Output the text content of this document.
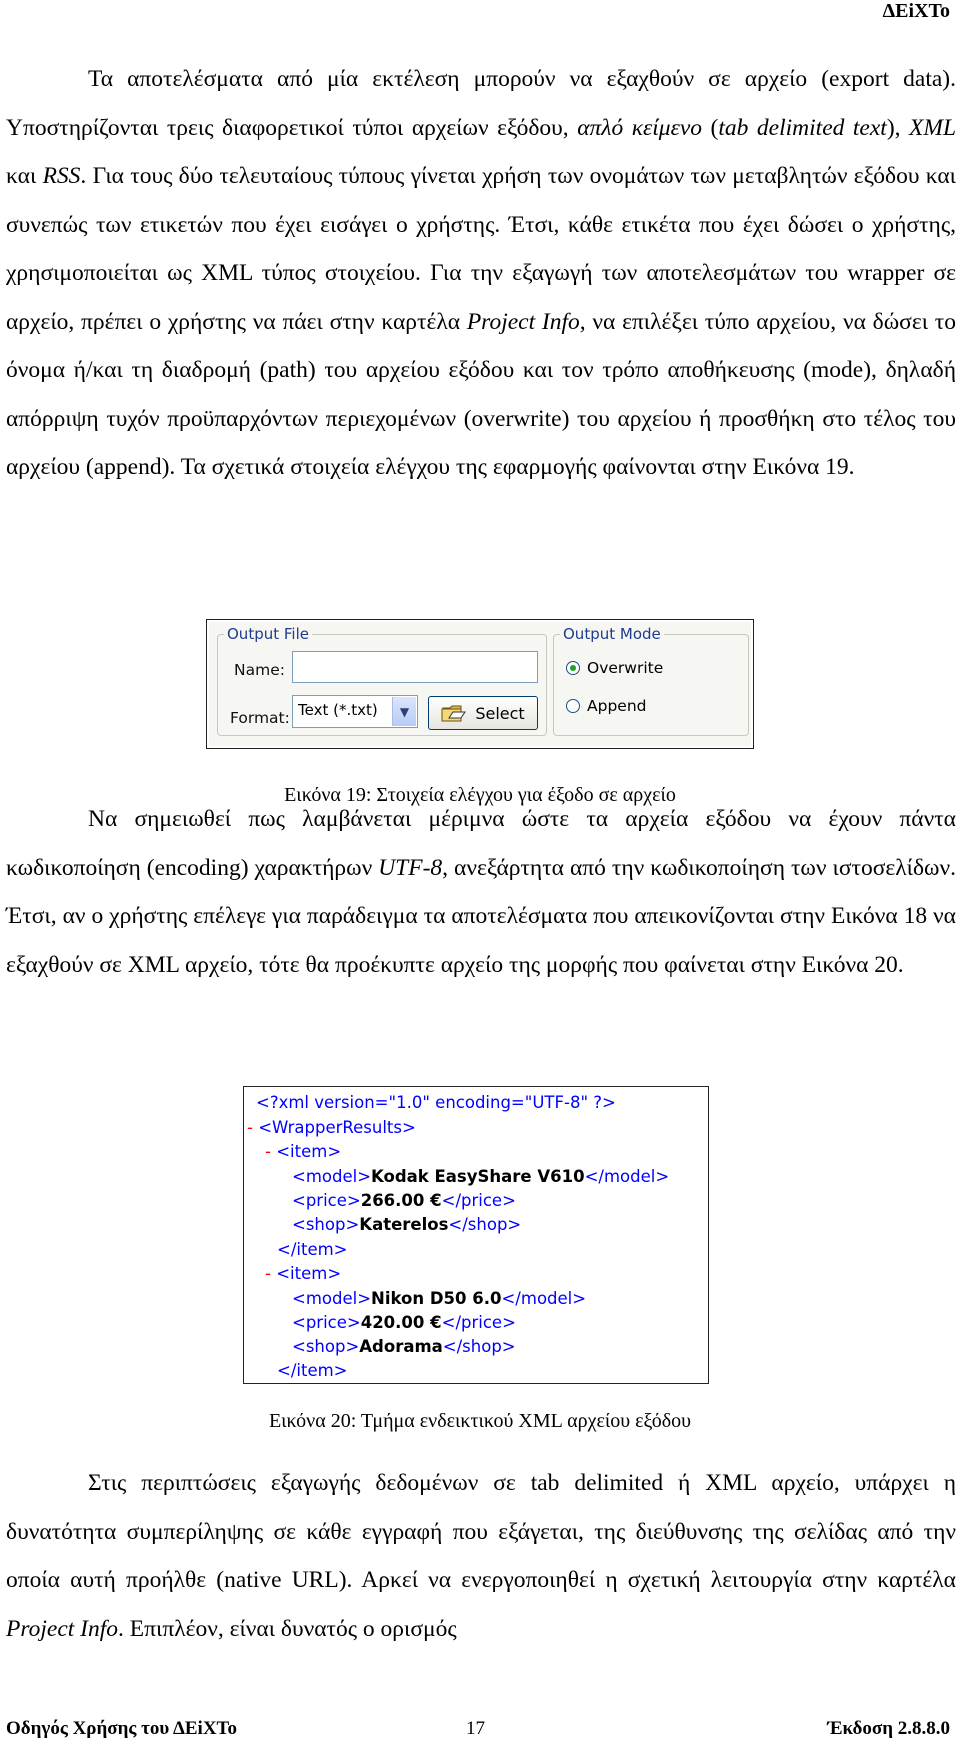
ΔΕiXTo

Τα αποτελέσματα από μία εκτέλεση μπορούν να εξαχθούν σε αρχείο (export data). Υποστηρίζονται τρεις διαφορετικοί τύποι αρχείων εξόδου, απλό κείμενο (tab delimited text), XML και RSS. Για τους δύο τελευταίους τύπους γίνεται χρήση των ονομάτων των μεταβλητών εξόδου και συνεπώς των ετικετών που έχει εισάγει ο χρήστης. Έτσι, κάθε ετικέτα που έχει δώσει ο χρήστης, χρησιμοποιείται ως XML τύπος στοιχείου. Για την εξαγωγή των αποτελεσμάτων του wrapper σε αρχείο, πρέπει ο χρήστης να πάει στην καρτέλα Project Info, να επιλέξει τύπο αρχείου, να δώσει το όνομα ή/και τη διαδρομή (path) του αρχείου εξόδου και τον τρόπο αποθήκευσης (mode), δηλαδή απόρριψη τυχόν προϋπαρχόντων περιεχομένων (overwrite) του αρχείου ή προσθήκη στο τέλος του αρχείου (append). Τα σχετικά στοιχεία ελέγχου της εφαρμογής φαίνονται στην Εικόνα 19.

Output File
Name:
Format: Text (*.txt) ▼	Select
Output Mode
Overwrite
Append
Εικόνα 19: Στοιχεία ελέγχου για έξοδο σε αρχείο

Να σημειωθεί πως λαμβάνεται μέριμνα ώστε τα αρχεία εξόδου να έχουν πάντα κωδικοποίηση (encoding) χαρακτήρων UTF-8, ανεξάρτητα από την κωδικοποίηση των ιστοσελίδων. Έτσι, αν ο χρήστης επέλεγε για παράδειγμα τα αποτελέσματα που απεικονίζονται στην Εικόνα 18 να εξαχθούν σε XML αρχείο, τότε θα προέκυπτε αρχείο της μορφής που φαίνεται στην Εικόνα 20.

<?xml version="1.0" encoding="UTF-8" ?>
- <WrapperResults>
- <item>
<model>Kodak EasyShare V610</model>
<price>266.00 €</price>
<shop>Katerelos</shop>
</item>
- <item>
<model>Nikon D50 6.0</model>
<price>420.00 €</price>
<shop>Adorama</shop>
</item>
Εικόνα 20: Τμήμα ενδεικτικού XML αρχείου εξόδου

Στις περιπτώσεις εξαγωγής δεδομένων σε tab delimited ή XML αρχείο, υπάρχει η δυνατότητα συμπερίληψης σε κάθε εγγραφή που εξάγεται, της διεύθυνσης της σελίδας από την οποία αυτή προήλθε (native URL). Αρκεί να ενεργοποιηθεί η σχετική λειτουργία στην καρτέλα Project Info. Επιπλέον, είναι δυνατός ο ορισμός

Οδηγός Χρήσης του ΔΕiXTo	17	Έκδοση 2.8.8.0
